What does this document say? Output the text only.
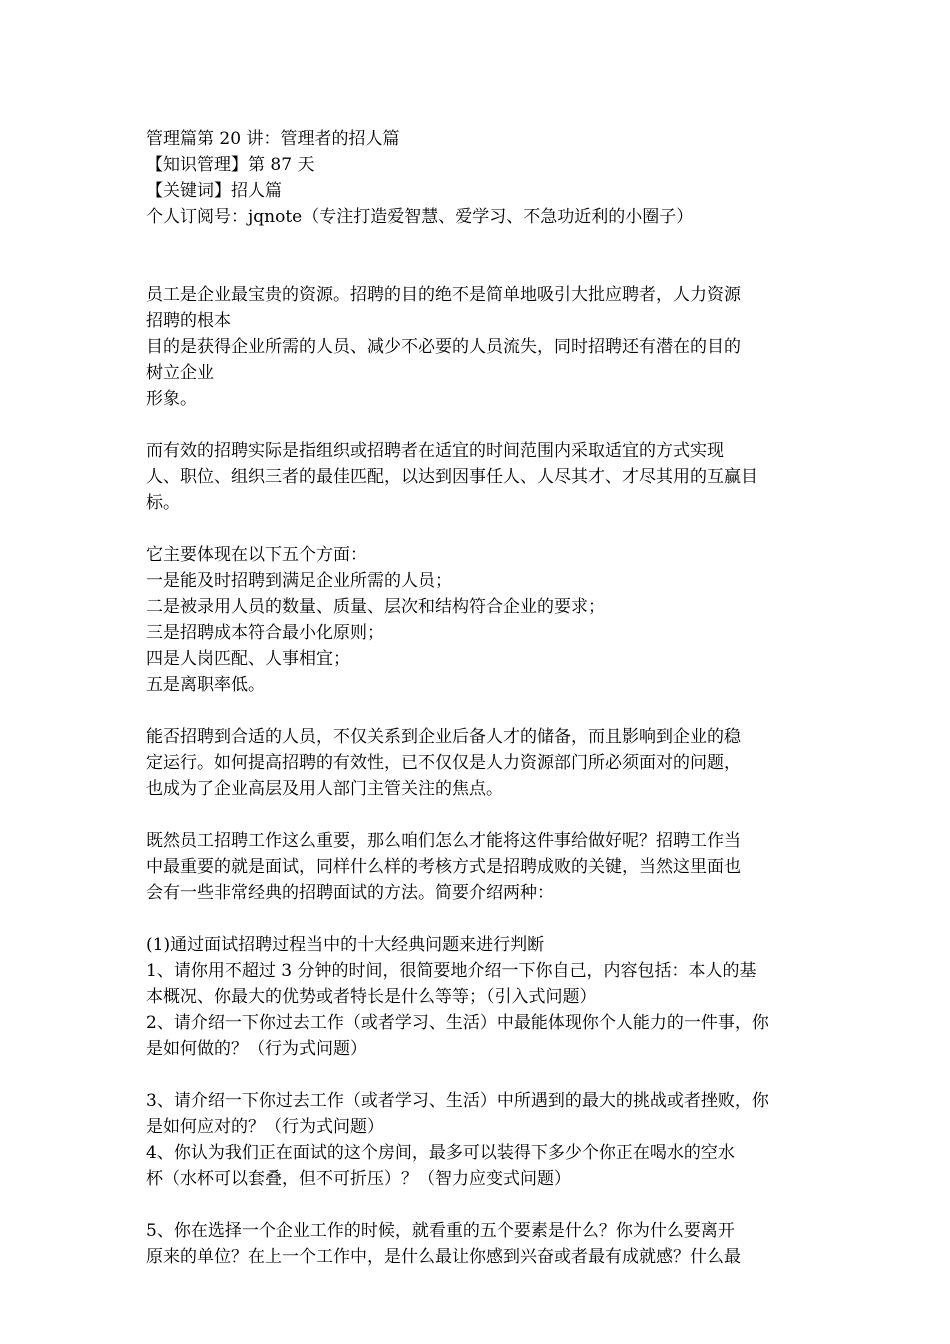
管理篇第 20 讲：管理者的招人篇
【知识管理】第 87 天
【关键词】招人篇
个人订阅号：jqnote（专注打造爱智慧、爱学习、不急功近利的小圈子）
员工是企业最宝贵的资源。招聘的目的绝不是简单地吸引大批应聘者，人力资源
招聘的根本
目的是获得企业所需的人员、减少不必要的人员流失，同时招聘还有潜在的目的
树立企业
形象。
而有效的招聘实际是指组织或招聘者在适宜的时间范围内采取适宜的方式实现
人、职位、组织三者的最佳匹配，以达到因事任人、人尽其才、才尽其用的互赢目
标。
它主要体现在以下五个方面：
一是能及时招聘到满足企业所需的人员；
二是被录用人员的数量、质量、层次和结构符合企业的要求；
三是招聘成本符合最小化原则；
四是人岗匹配、人事相宜；
五是离职率低。
能否招聘到合适的人员，不仅关系到企业后备人才的储备，而且影响到企业的稳
定运行。如何提高招聘的有效性，已不仅仅是人力资源部门所必须面对的问题，
也成为了企业高层及用人部门主管关注的焦点。
既然员工招聘工作这么重要，那么咱们怎么才能将这件事给做好呢？招聘工作当
中最重要的就是面试，同样什么样的考核方式是招聘成败的关键，当然这里面也
会有一些非常经典的招聘面试的方法。简要介绍两种：
(1)通过面试招聘过程当中的十大经典问题来进行判断
1、请你用不超过 3 分钟的时间，很简要地介绍一下你自己，内容包括：本人的基
本概况、你最大的优势或者特长是什么等等；（引入式问题）
2、请介绍一下你过去工作（或者学习、生活）中最能体现你个人能力的一件事，你
是如何做的？（行为式问题）
3、请介绍一下你过去工作（或者学习、生活）中所遇到的最大的挑战或者挫败，你
是如何应对的？（行为式问题）
4、你认为我们正在面试的这个房间，最多可以装得下多少个你正在喝水的空水
杯（水杯可以套叠，但不可折压）？（智力应变式问题）
5、你在选择一个企业工作的时候，就看重的五个要素是什么？你为什么要离开
原来的单位？在上一个工作中，是什么最让你感到兴奋或者最有成就感？什么最
